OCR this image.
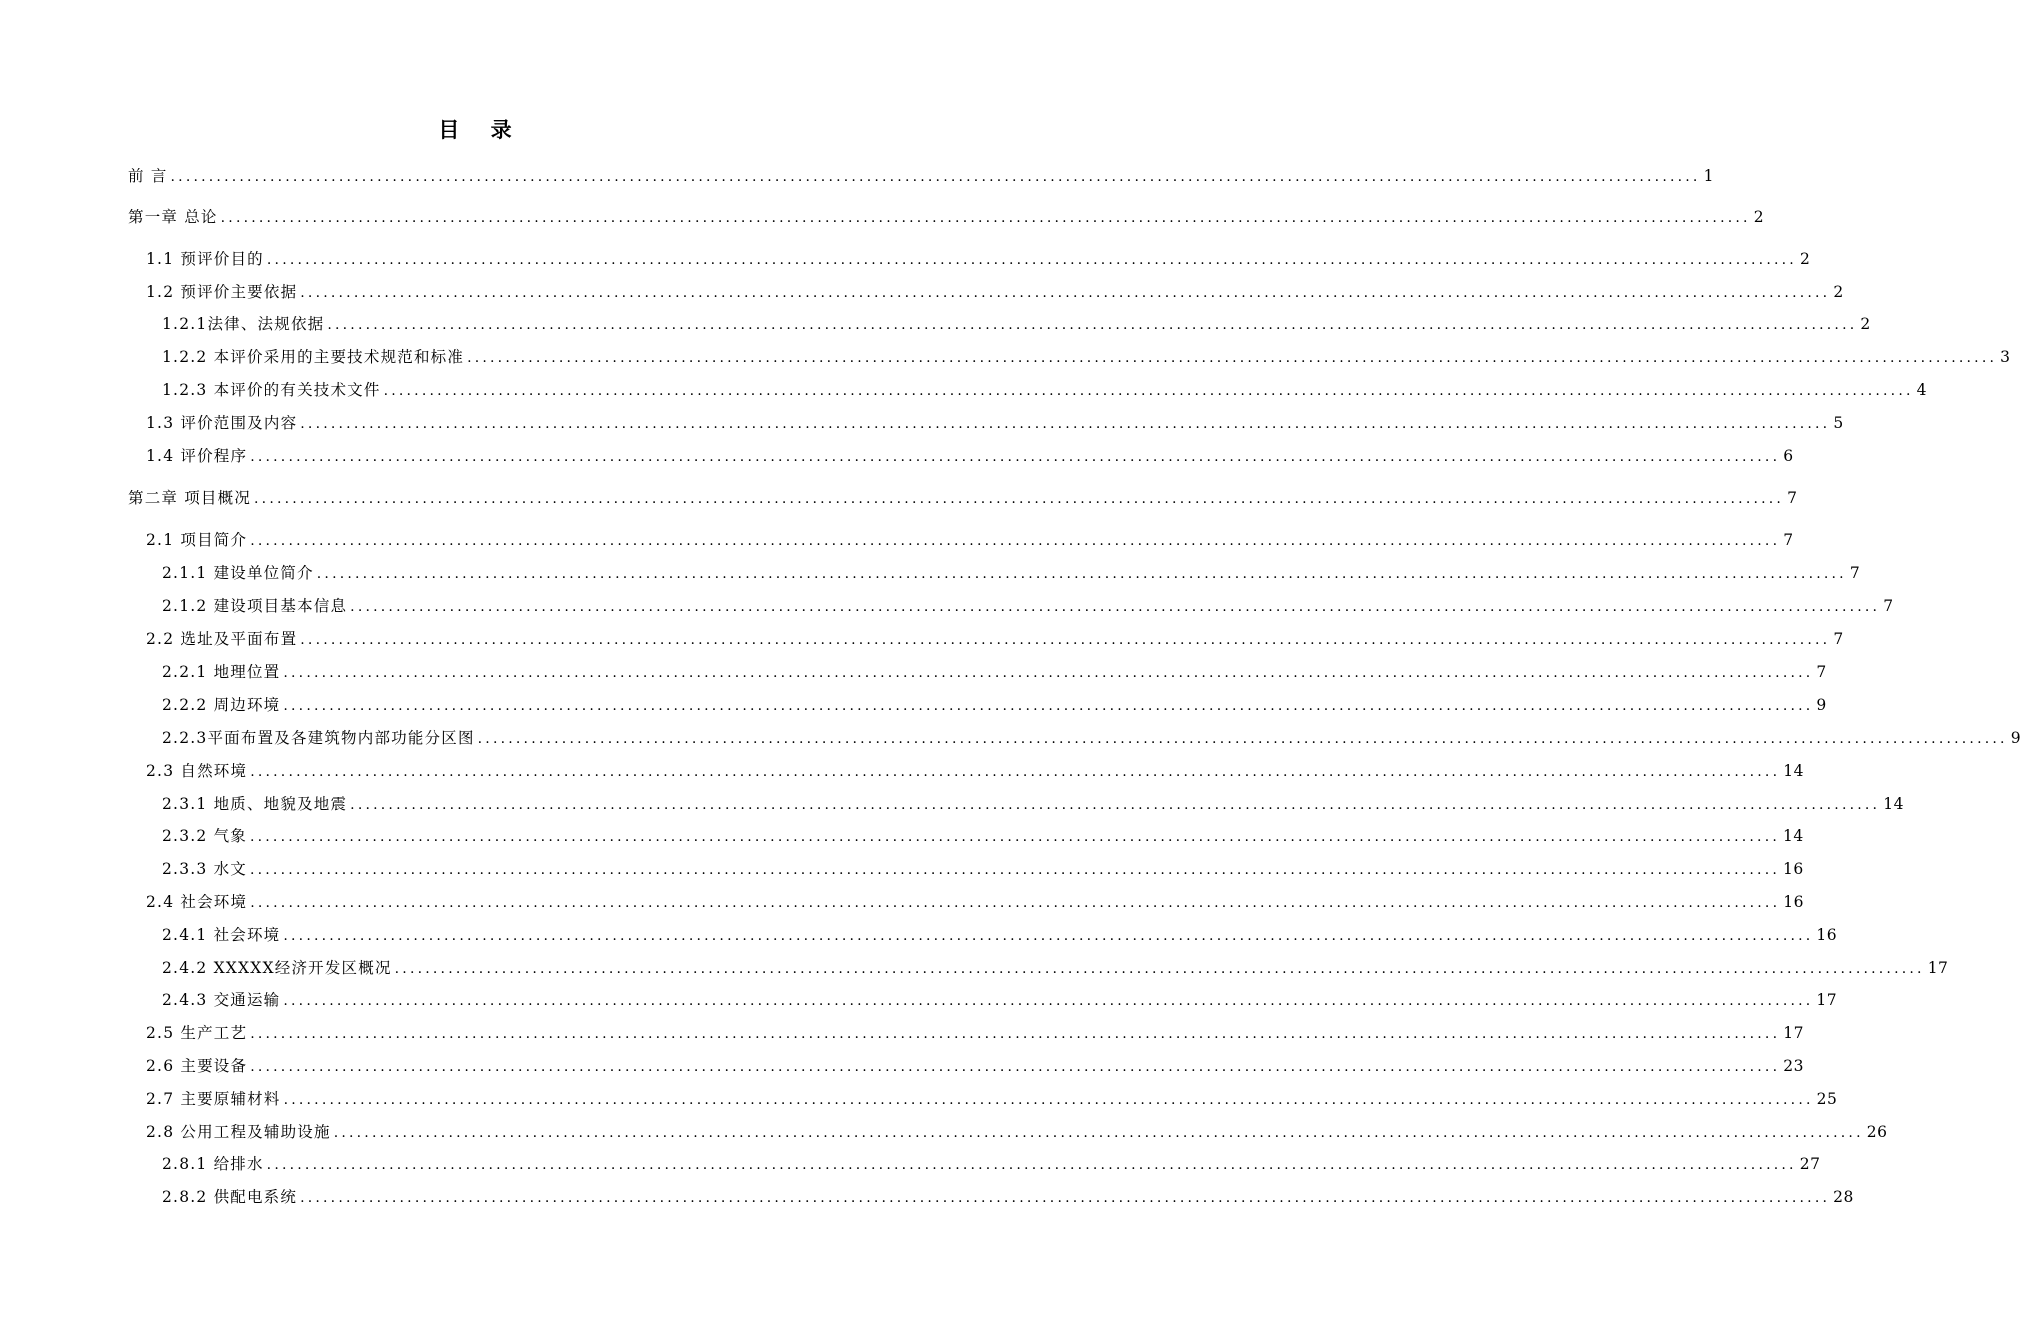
目 录
前 言 ........................................................................................................................................................................................................ 1
第一章 总论 ........................................................................................................................................................................................................ 2
1.1 预评价目的 ........................................................................................................................................................................................................ 2
1.2 预评价主要依据 ........................................................................................................................................................................................................ 2
1.2.1法律、法规依据 ........................................................................................................................................................................................................ 2
1.2.2 本评价采用的主要技术规范和标准 ........................................................................................................................................................................................................ 3
1.2.3 本评价的有关技术文件 ........................................................................................................................................................................................................ 4
1.3 评价范围及内容 ........................................................................................................................................................................................................ 5
1.4 评价程序 ........................................................................................................................................................................................................ 6
第二章 项目概况 ........................................................................................................................................................................................................ 7
2.1 项目简介 ........................................................................................................................................................................................................ 7
2.1.1 建设单位简介 ........................................................................................................................................................................................................ 7
2.1.2 建设项目基本信息 ........................................................................................................................................................................................................ 7
2.2 选址及平面布置 ........................................................................................................................................................................................................ 7
2.2.1 地理位置 ........................................................................................................................................................................................................ 7
2.2.2 周边环境 ........................................................................................................................................................................................................ 9
2.2.3平面布置及各建筑物内部功能分区图 ........................................................................................................................................................................................................ 9
2.3 自然环境 ........................................................................................................................................................................................................ 14
2.3.1 地质、地貌及地震 ........................................................................................................................................................................................................ 14
2.3.2 气象 ........................................................................................................................................................................................................ 14
2.3.3 水文 ........................................................................................................................................................................................................ 16
2.4 社会环境 ........................................................................................................................................................................................................ 16
2.4.1 社会环境 ........................................................................................................................................................................................................ 16
2.4.2 XXXXX经济开发区概况 ........................................................................................................................................................................................................ 17
2.4.3 交通运输 ........................................................................................................................................................................................................ 17
2.5 生产工艺 ........................................................................................................................................................................................................ 17
2.6 主要设备 ........................................................................................................................................................................................................ 23
2.7 主要原辅材料 ........................................................................................................................................................................................................ 25
2.8 公用工程及辅助设施 ........................................................................................................................................................................................................ 26
2.8.1 给排水 ........................................................................................................................................................................................................ 27
2.8.2 供配电系统 ........................................................................................................................................................................................................ 28
